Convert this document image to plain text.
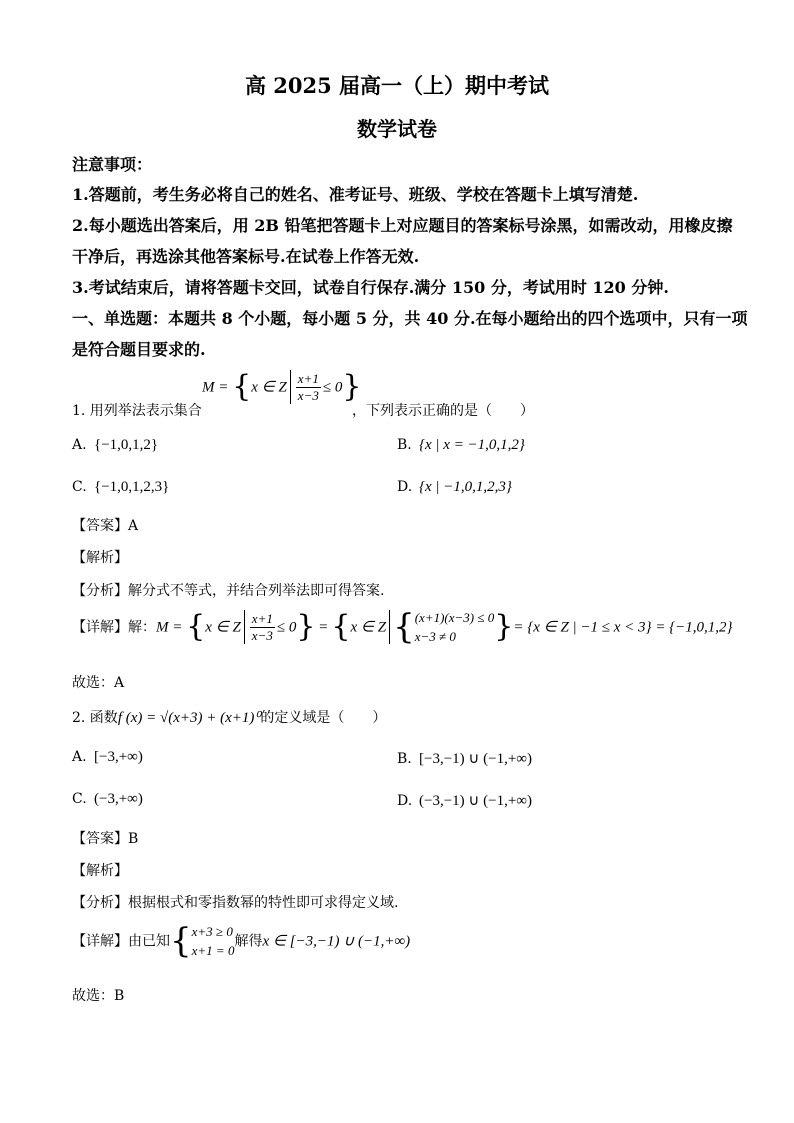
高 2025 届高一（上）期中考试
数学试卷
注意事项：
1.答题前，考生务必将自己的姓名、准考证号、班级、学校在答题卡上填写清楚.
2.每小题选出答案后，用 2B 铅笔把答题卡上对应题目的答案标号涂黑，如需改动，用橡皮擦
干净后，再选涂其他答案标号.在试卷上作答无效.
3.考试结束后，请将答题卡交回，试卷自行保存.满分 150 分，考试用时 120 分钟.
一、单选题：本题共 8 个小题，每小题 5 分，共 40 分.在每小题给出的四个选项中，只有一项
是符合题目要求的.
1. 用列举法表示集合
M = {x ∈ Z $\frac{x+1}{x-3} \le 0$}
，下列表示正确的是（　　）
A. {−1,0,1,2}	B. {x | x = −1,0,1,2}
C. {−1,0,1,2,3}	D. {x | −1,0,1,2,3}
【答案】A
【解析】
【分析】解分式不等式，并结合列举法即可得答案.
【详解】解：M = {x ∈ Z $\frac{x+1}{x-3} \le 0\} = \{x$ ∈ Z { (x+1)(x−3) ≤ 0
x−3 ≠ 0	}= {x ∈ Z | −1 ≤ x < 3} = {−1,0,1,2}
故选：A
2. 函数f (x) = √(x+3) + (x+1)⁰的定义域是（　　）
A. [−3,+∞)	B. [−3,−1) ∪ (−1,+∞)
C. (−3,+∞)	D. (−3,−1) ∪ (−1,+∞)
【答案】B
【解析】
【分析】根据根式和零指数幂的特性即可求得定义域.
【详解】由已知{ x+3 ≥ 0
x+1 = 0
解得x ∈ [−3,−1) ∪ (−1,+∞)
故选：B
